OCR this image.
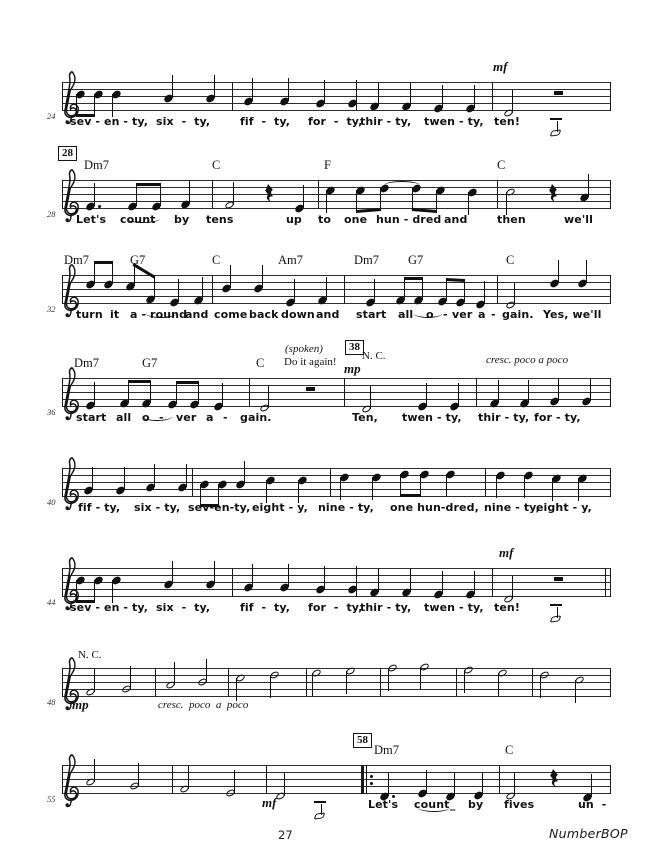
sev - en - ty, six  -  ty,	fif  -  ty, for  -  ty,
thir - ty, twen - ty, ten!
mf
24
Let's count by tens	up to one hun - dred and	then	we'll
Dm7	C	F	C
28
28
turn it a - round
and come back down and start all o - ver a - gain. Yes, we'll
Dm7	G7	C	Am7	Dm7 G7	C
32
start all o - ver a - gain.	Ten, twen - ty, thir - ty, for - ty,
Dm7	G7	C
38
(spoken)
Do it again! N. C.
mp
cresc. poco a poco
36
fif - ty, six - ty, sev-en-ty, eight - y, nine - ty, one hun-dred, nine - ty,
eight - y,
40
sev - en - ty, six  -  ty,	fif  -  ty, for  -  ty,
thir - ty, twen - ty, ten!
mf
44
N. C.
mp	cresc.  poco  a  poco
48
Let's count _ by fives	un  -
Dm7	C
58
mf
55
27	NumberBOP
